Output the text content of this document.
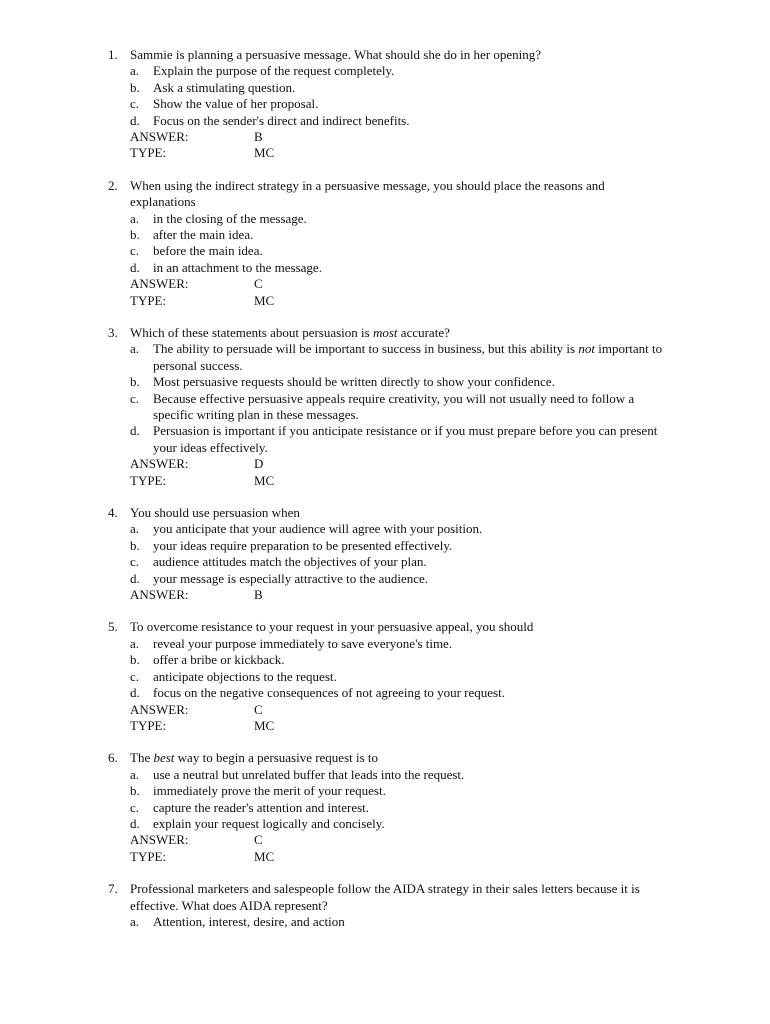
1. Sammie is planning a persuasive message. What should she do in her opening?
a.	Explain the purpose of the request completely.
b.	Ask a stimulating question.
c.	Show the value of her proposal.
d.	Focus on the sender's direct and indirect benefits.
ANSWER:	B
TYPE:	MC
2. When using the indirect strategy in a persuasive message, you should place the reasons and explanations
a.	in the closing of the message.
b.	after the main idea.
c.	before the main idea.
d.	in an attachment to the message.
ANSWER:	C
TYPE:	MC
3. Which of these statements about persuasion is most accurate?
a.	The ability to persuade will be important to success in business, but this ability is not important to personal success.
b.	Most persuasive requests should be written directly to show your confidence.
c.	Because effective persuasive appeals require creativity, you will not usually need to follow a specific writing plan in these messages.
d.	Persuasion is important if you anticipate resistance or if you must prepare before you can present your ideas effectively.
ANSWER:	D
TYPE:	MC
4. You should use persuasion when
a.	you anticipate that your audience will agree with your position.
b.	your ideas require preparation to be presented effectively.
c.	audience attitudes match the objectives of your plan.
d.	your message is especially attractive to the audience.
ANSWER:	B
5. To overcome resistance to your request in your persuasive appeal, you should
a.	reveal your purpose immediately to save everyone's time.
b.	offer a bribe or kickback.
c.	anticipate objections to the request.
d.	focus on the negative consequences of not agreeing to your request.
ANSWER:	C
TYPE:	MC
6. The best way to begin a persuasive request is to
a.	use a neutral but unrelated buffer that leads into the request.
b.	immediately prove the merit of your request.
c.	capture the reader's attention and interest.
d.	explain your request logically and concisely.
ANSWER:	C
TYPE:	MC
7. Professional marketers and salespeople follow the AIDA strategy in their sales letters because it is effective. What does AIDA represent?
a.	Attention, interest, desire, and action
